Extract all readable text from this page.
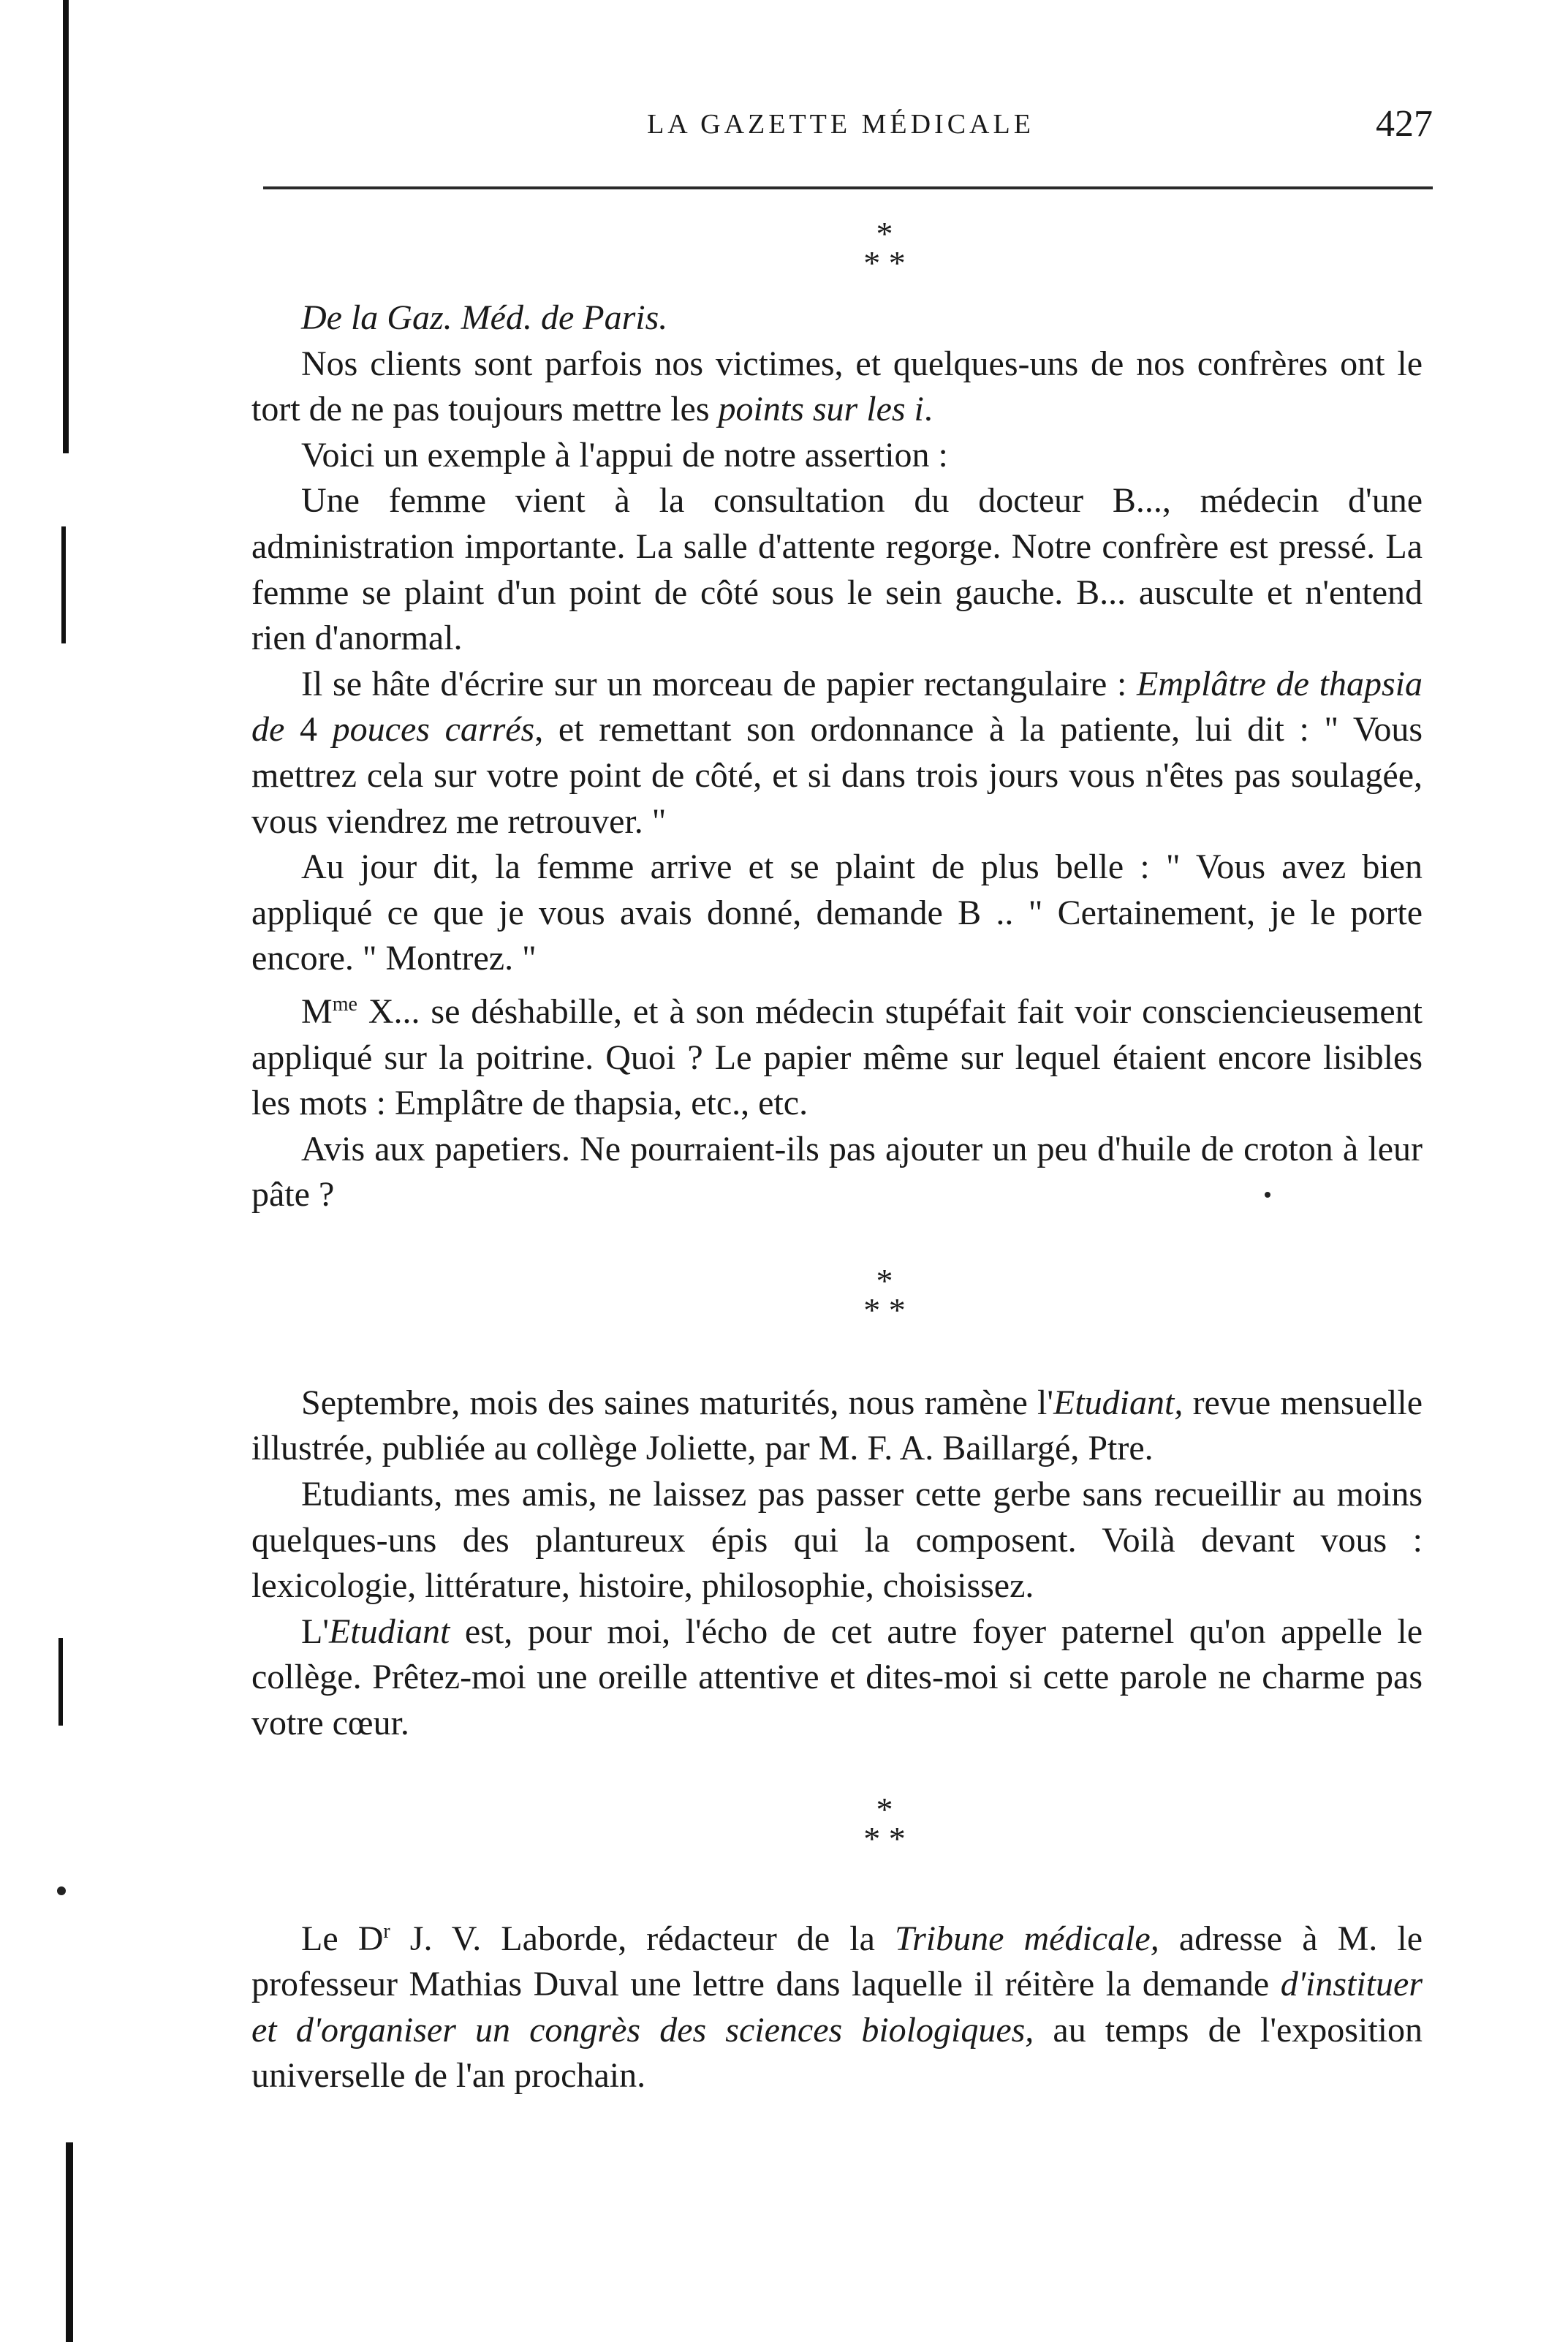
LA GAZETTE MÉDICALE	427
*
* *

De la Gaz. Méd. de Paris.

Nos clients sont parfois nos victimes, et quelques-uns de nos confrères ont le tort de ne pas toujours mettre les points sur les i.

Voici un exemple à l'appui de notre assertion :

Une femme vient à la consultation du docteur B..., médecin d'une administration importante. La salle d'attente regorge. Notre confrère est pressé. La femme se plaint d'un point de côté sous le sein gauche. B... ausculte et n'entend rien d'anormal.

Il se hâte d'écrire sur un morceau de papier rectangulaire : Emplâtre de thapsia de 4 pouces carrés, et remettant son ordonnance à la patiente, lui dit : " Vous mettrez cela sur votre point de côté, et si dans trois jours vous n'êtes pas soulagée, vous viendrez me retrouver. "

Au jour dit, la femme arrive et se plaint de plus belle : " Vous avez bien appliqué ce que je vous avais donné, demande B .. " Certainement, je le porte encore. " Montrez. "

$M^{me}$ X... se déshabille, et à son médecin stupéfait fait voir consciencieusement appliqué sur la poitrine. Quoi ? Le papier même sur lequel étaient encore lisibles les mots : Emplâtre de thapsia, etc., etc.

Avis aux papetiers. Ne pourraient-ils pas ajouter un peu d'huile de croton à leur pâte ?

*
* *

Septembre, mois des saines maturités, nous ramène l'Etudiant, revue mensuelle illustrée, publiée au collège Joliette, par M. F. A. Baillargé, Ptre.

Etudiants, mes amis, ne laissez pas passer cette gerbe sans recueillir au moins quelques-uns des plantureux épis qui la composent. Voilà devant vous : lexicologie, littérature, histoire, philosophie, choisissez.

L'Etudiant est, pour moi, l'écho de cet autre foyer paternel qu'on appelle le collège. Prêtez-moi une oreille attentive et dites-moi si cette parole ne charme pas votre cœur.

*
* *

Le $D^r$ J. V. Laborde, rédacteur de la Tribune médicale, adresse à M. le professeur Mathias Duval une lettre dans laquelle il réitère la demande d'instituer et d'organiser un congrès des sciences biologiques, au temps de l'exposition universelle de l'an prochain.
